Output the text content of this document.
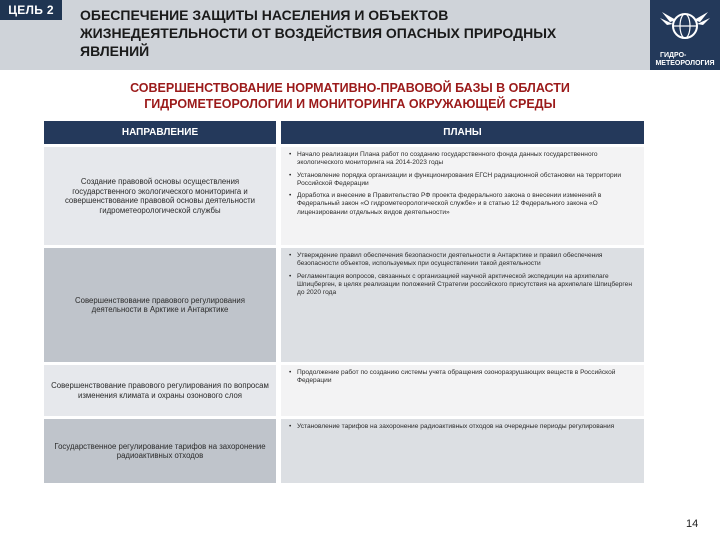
ЦЕЛЬ 2	ОБЕСПЕЧЕНИЕ ЗАЩИТЫ НАСЕЛЕНИЯ И ОБЪЕКТОВ ЖИЗНЕДЕЯТЕЛЬНОСТИ ОТ ВОЗДЕЙСТВИЯ ОПАСНЫХ ПРИРОДНЫХ ЯВЛЕНИЙ	ГИДРО-
МЕТЕОРОЛОГИЯ
СОВЕРШЕНСТВОВАНИЕ НОРМАТИВНО-ПРАВОВОЙ БАЗЫ В ОБЛАСТИ ГИДРОМЕТЕОРОЛОГИИ И МОНИТОРИНГА ОКРУЖАЮЩЕЙ СРЕДЫ
НАПРАВЛЕНИЕ	ПЛАНЫ
Создание правовой основы осуществления государственного экологического мониторинга и совершенствование правовой основы деятельности гидрометеорологической службы
• Начало реализации Плана работ по созданию государственного фонда данных государственного экологического мониторинга на 2014-2023 годы
• Установление порядка организации и функционирования ЕГСН радиационной обстановки на территории Российской Федерации
• Доработка и внесение в Правительство РФ проекта федерального закона о внесении изменений в Федеральный закон «О гидрометеорологической службе» и в статью 12 Федерального закона «О лицензировании отдельных видов деятельности»
Совершенствование правового регулирования деятельности в Арктике и Антарктике
• Утверждение правил обеспечения безопасности деятельности в Антарктике и правил обеспечения безопасности объектов, используемых при осуществлении такой деятельности
• Регламентация вопросов, связанных с организацией научной арктической экспедиции на архипелаге Шпицберген, в целях реализации положений Стратегии российского присутствия на архипелаге Шпицберген до 2020 года
Совершенствование правового регулирования по вопросам изменения климата и охраны озонового слоя
• Продолжение работ по созданию системы учета обращения озоноразрушающих веществ в Российской Федерации
Государственное регулирование тарифов на захоронение радиоактивных отходов
• Установление тарифов на захоронение радиоактивных отходов на очередные периоды регулирования
14
